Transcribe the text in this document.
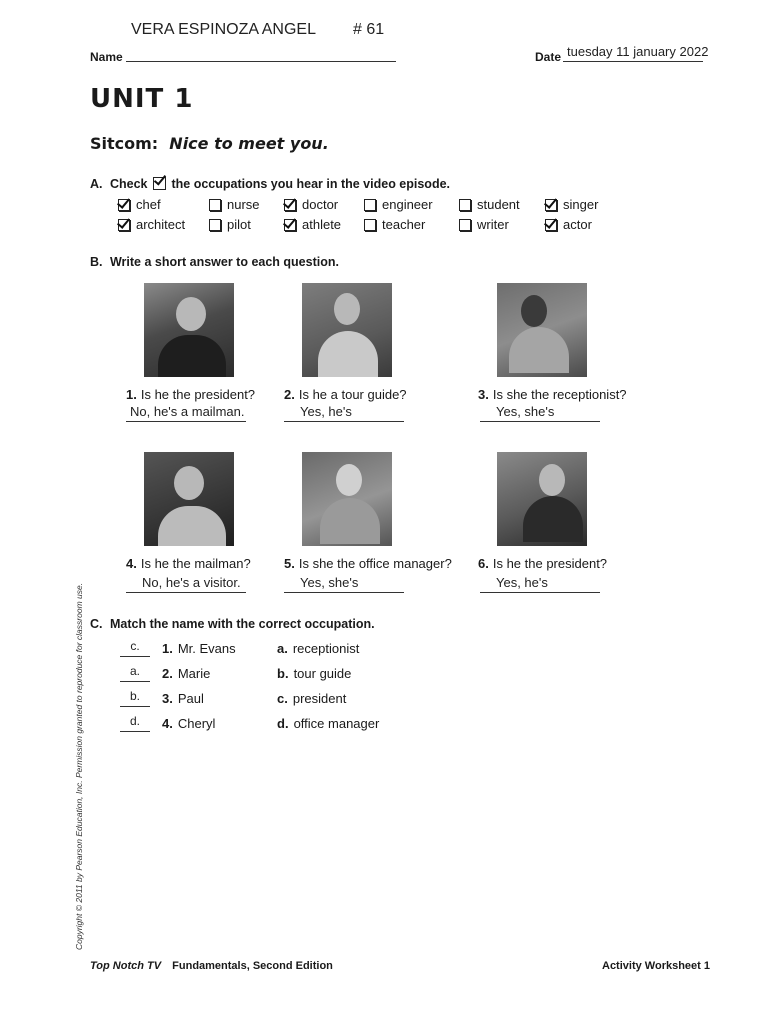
VERA ESPINOZA ANGEL # 61
Name	Date tuesday 11 january 2022
UNIT 1
Sitcom: Nice to meet you.
A. Check the occupations you hear in the video episode.
chef	nurse	doctor	engineer	student	singer
architect	pilot	athlete	teacher	writer	actor
B. Write a short answer to each question.
1. Is he the president?
No, he's a mailman.
2. Is he a tour guide?
Yes, he's
3. Is she the receptionist?
Yes, she's
4. Is he the mailman?
No, he's a visitor.
5. Is she the office manager?
Yes, she's
6. Is he the president?
Yes, he's
C. Match the name with the correct occupation.
c.	1. Mr. Evans	a. receptionist
a.	2. Marie	b. tour guide
b.	3. Paul	c. president
d.	4. Cheryl	d. office manager
Copyright © 2011 by Pearson Education, Inc. Permission granted to reproduce for classroom use.
Top Notch TV Fundamentals, Second Edition	Activity Worksheet 1
